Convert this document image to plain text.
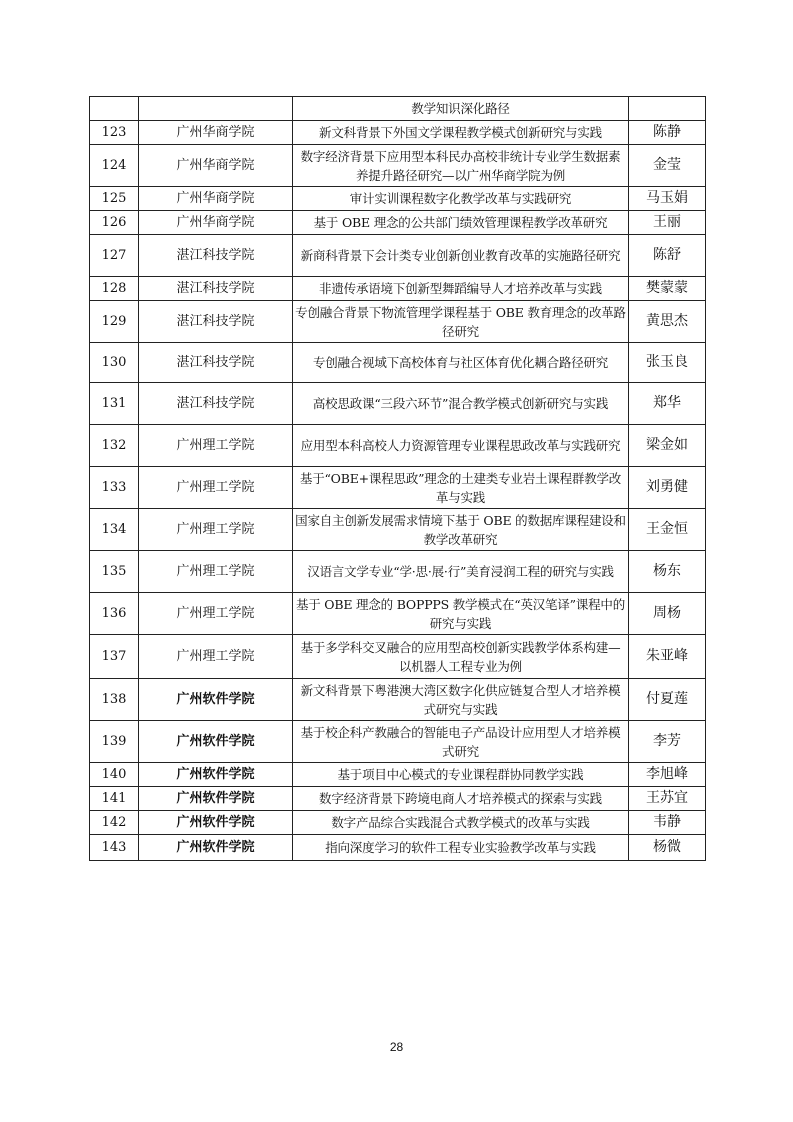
		教学知识深化路径	
123	广州华商学院	新文科背景下外国文学课程教学模式创新研究与实践	陈静
124	广州华商学院	数字经济背景下应用型本科民办高校非统计专业学生数据素养提升路径研究—以广州华商学院为例	金莹
125	广州华商学院	审计实训课程数字化教学改革与实践研究	马玉娟
126	广州华商学院	基于 OBE 理念的公共部门绩效管理课程教学改革研究	王丽
127	湛江科技学院	新商科背景下会计类专业创新创业教育改革的实施路径研究	陈舒
128	湛江科技学院	非遗传承语境下创新型舞蹈编导人才培养改革与实践	樊蒙蒙
129	湛江科技学院	专创融合背景下物流管理学课程基于 OBE 教育理念的改革路径研究	黄思杰
130	湛江科技学院	专创融合视域下高校体育与社区体育优化耦合路径研究	张玉良
131	湛江科技学院	高校思政课“三段六环节”混合教学模式创新研究与实践	郑华
132	广州理工学院	应用型本科高校人力资源管理专业课程思政改革与实践研究	梁金如
133	广州理工学院	基于“OBE+课程思政”理念的土建类专业岩土课程群教学改革与实践	刘勇健
134	广州理工学院	国家自主创新发展需求情境下基于 OBE 的数据库课程建设和教学改革研究	王金恒
135	广州理工学院	汉语言文学专业“学·思·展·行”美育浸润工程的研究与实践	杨东
136	广州理工学院	基于 OBE 理念的 BOPPPS 教学模式在“英汉笔译”课程中的研究与实践	周杨
137	广州理工学院	基于多学科交叉融合的应用型高校创新实践教学体系构建—以机器人工程专业为例	朱亚峰
138	广州软件学院	新文科背景下粤港澳大湾区数字化供应链复合型人才培养模式研究与实践	付夏莲
139	广州软件学院	基于校企科产教融合的智能电子产品设计应用型人才培养模式研究	李芳
140	广州软件学院	基于项目中心模式的专业课程群协同教学实践	李旭峰
141	广州软件学院	数字经济背景下跨境电商人才培养模式的探索与实践	王苏宜
142	广州软件学院	数字产品综合实践混合式教学模式的改革与实践	韦静
143	广州软件学院	指向深度学习的软件工程专业实验教学改革与实践	杨微
28
